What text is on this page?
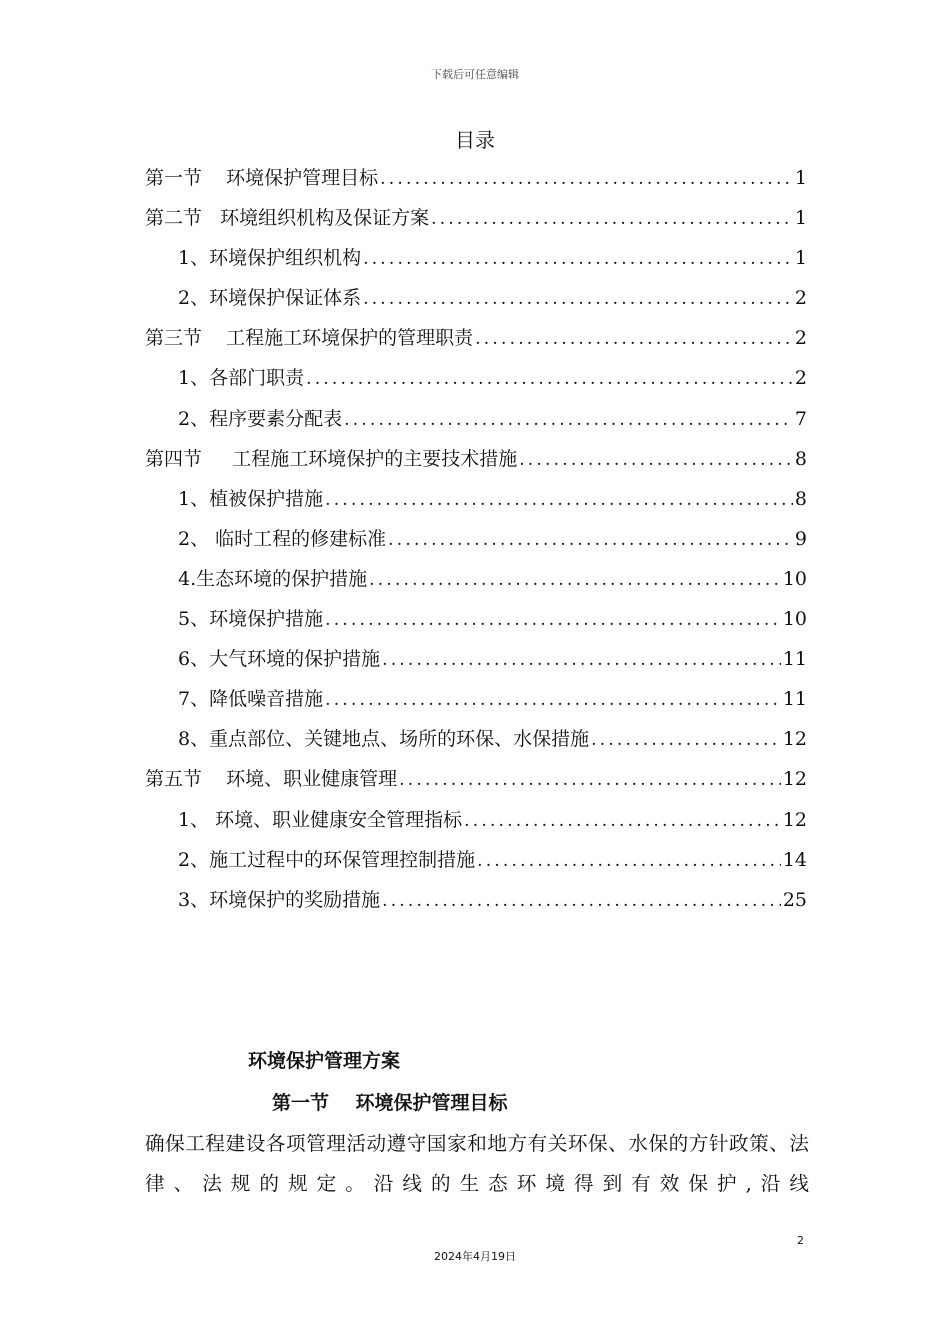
下载后可任意编辑
目录
第一节    环境保护管理目标 .....	1
第二节   环境组织机构及保证方案 .....	1
1、环境保护组织机构 .....	1
2、环境保护保证体系 .....	2
第三节    工程施工环境保护的管理职责 .....	2
1、各部门职责 .....	2
2、程序要素分配表 .....	7
第四节     工程施工环境保护的主要技术措施 .....	8
1、植被保护措施 .....	8
2、 临时工程的修建标准 .....	9
4.生态环境的保护措施 .....	10
5、环境保护措施 .....	10
6、大气环境的保护措施 .....	11
7、降低噪音措施 .....	11
8、重点部位、关键地点、场所的环保、水保措施 .....	12
第五节    环境、职业健康管理 .....	12
1、 环境、职业健康安全管理指标 .....	12
2、施工过程中的环保管理控制措施 .....	14
3、环境保护的奖励措施 .....	25
环境保护管理方案
第一节    环境保护管理目标

确保工程建设各项管理活动遵守国家和地方有关环保、水保的方针政策、法律、法规的规定。沿线的生态环境得到有效保护,沿线

2
2024年4月19日
